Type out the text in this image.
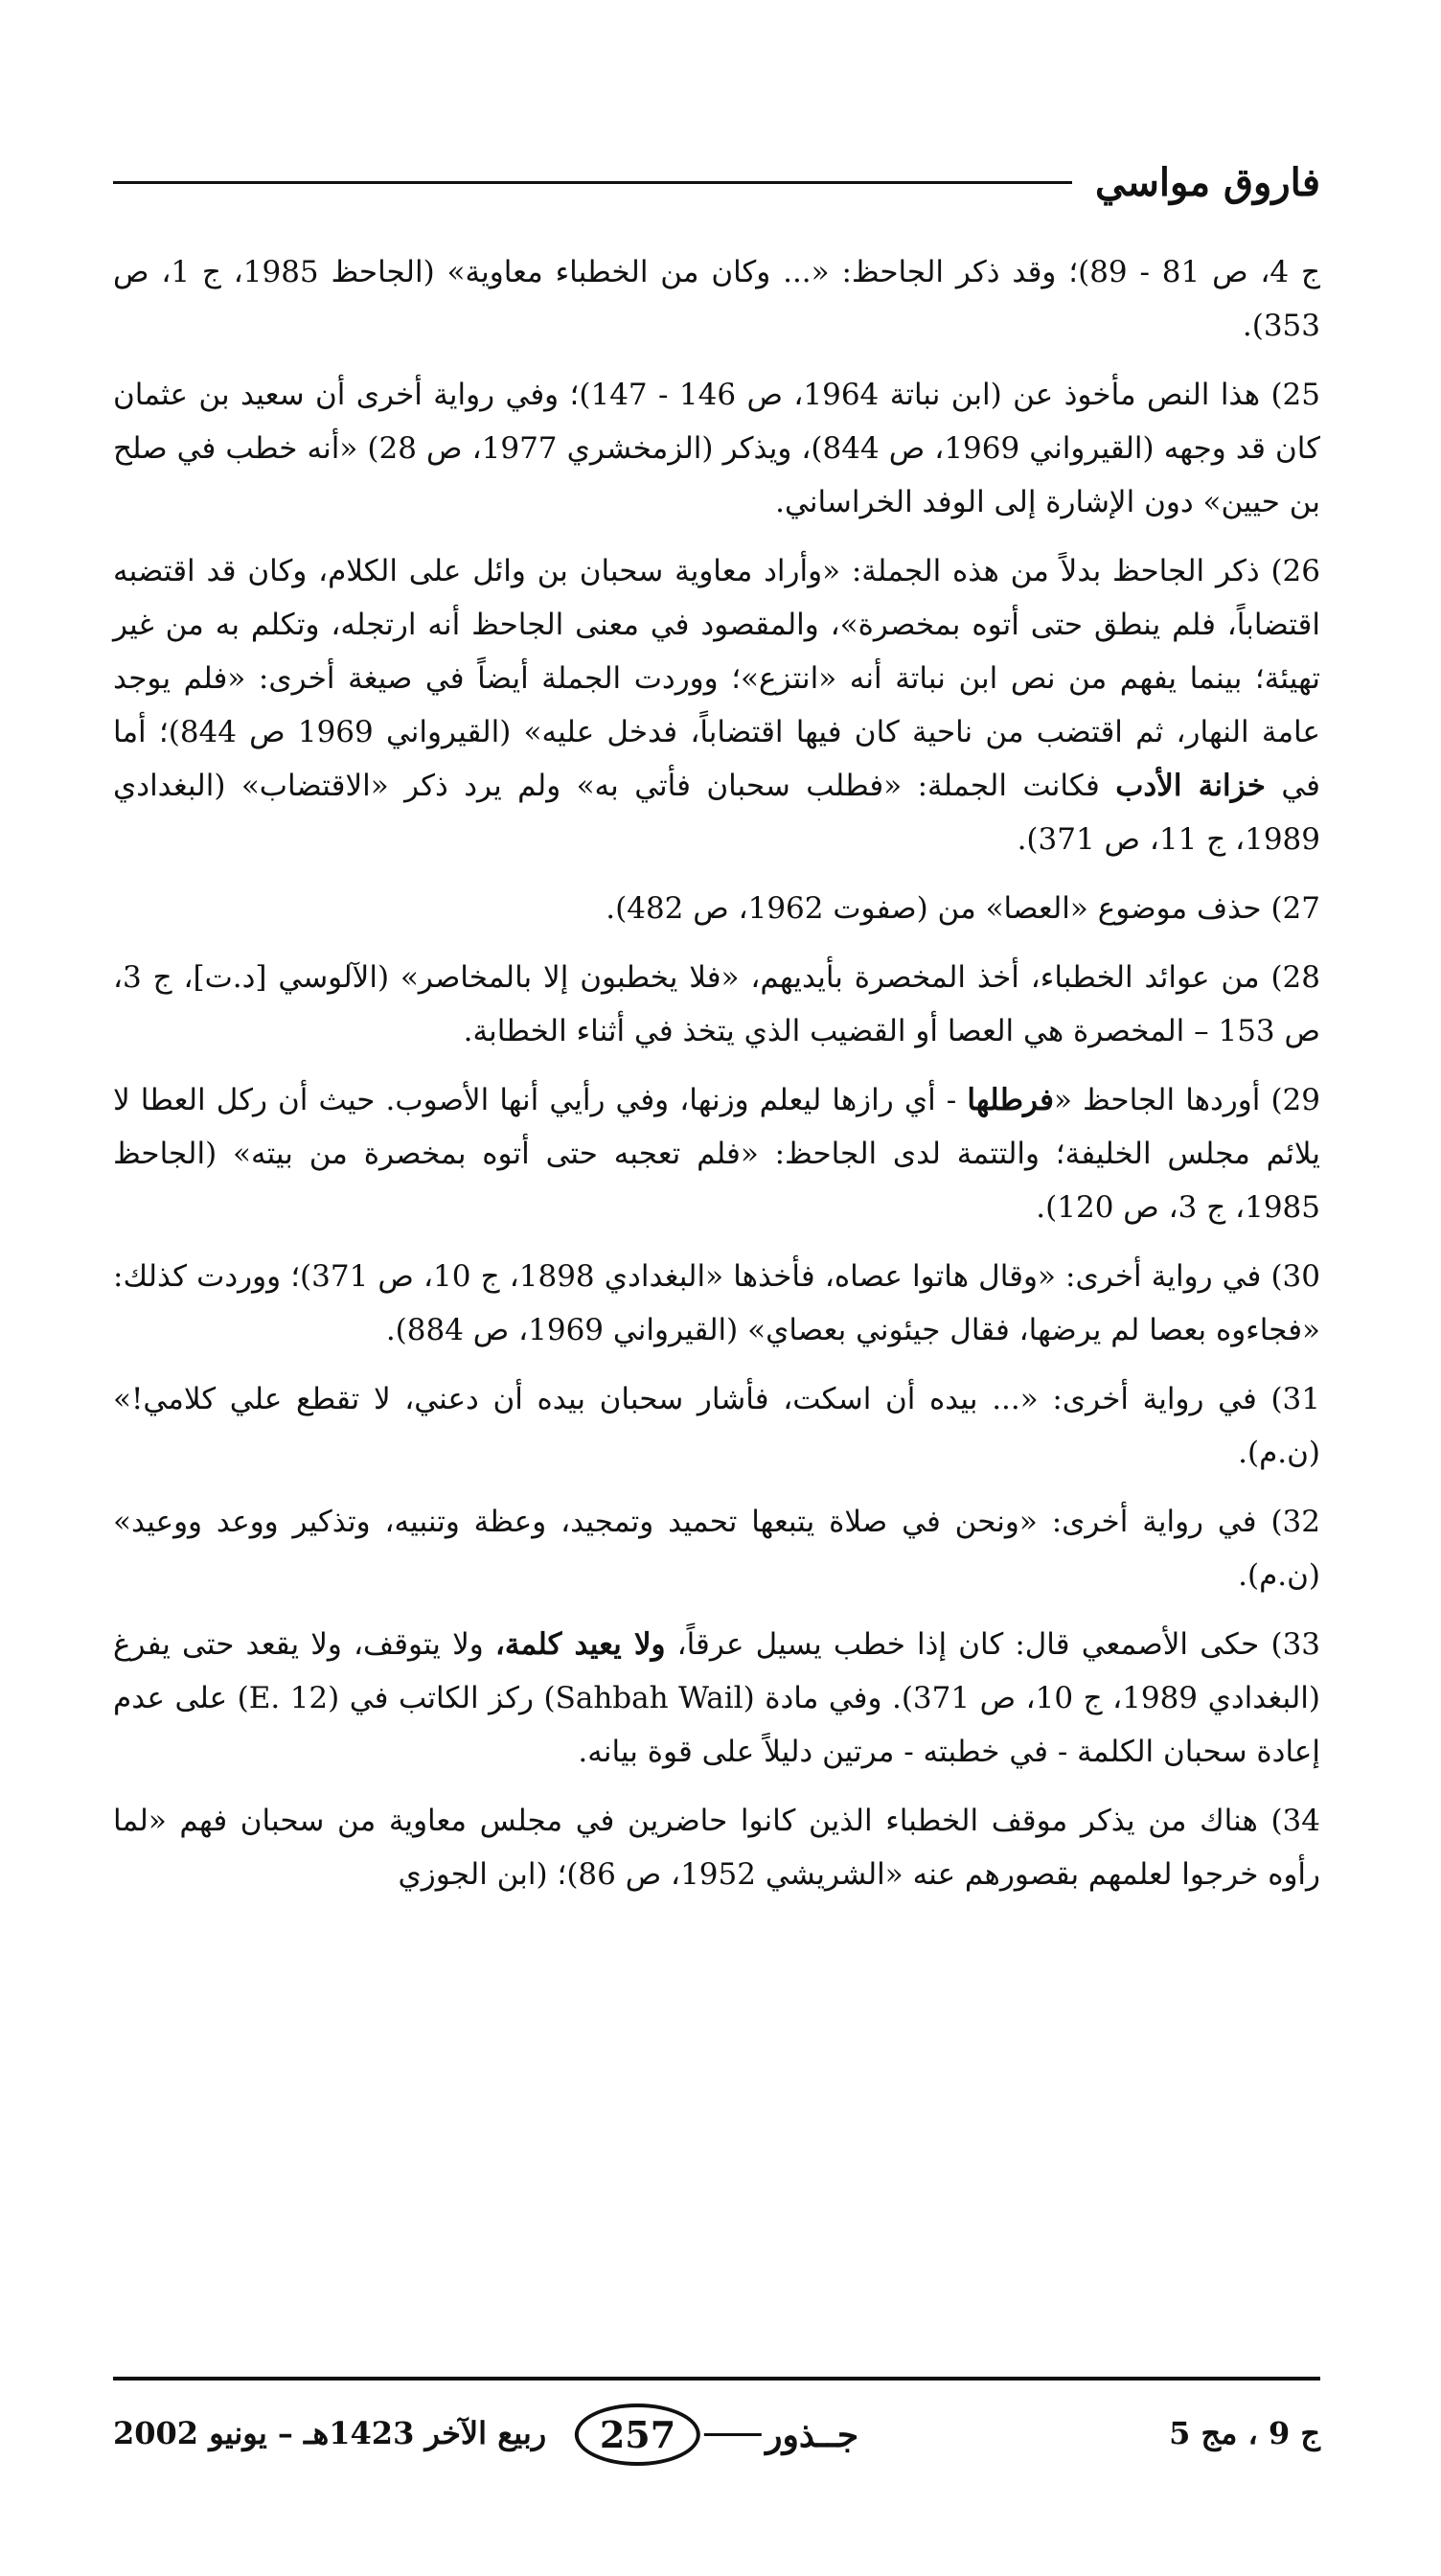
فاروق مواسي

ج 4، ص 81 - 89)؛ وقد ذكر الجاحظ: «... وكان من الخطباء معاوية» (الجاحظ 1985، ج 1، ص 353).

25) هذا النص مأخوذ عن (ابن نباتة 1964، ص 146 - 147)؛ وفي رواية أخرى أن سعيد بن عثمان كان قد وجهه (القيرواني 1969، ص 844)، ويذكر (الزمخشري 1977، ص 28) «أنه خطب في صلح بن حيين» دون الإشارة إلى الوفد الخراساني.

26) ذكر الجاحظ بدلاً من هذه الجملة: «وأراد معاوية سحبان بن وائل على الكلام، وكان قد اقتضبه اقتضاباً، فلم ينطق حتى أتوه بمخصرة»، والمقصود في معنى الجاحظ أنه ارتجله، وتكلم به من غير تهيئة؛ بينما يفهم من نص ابن نباتة أنه «انتزع»؛ ووردت الجملة أيضاً في صيغة أخرى: «فلم يوجد عامة النهار، ثم اقتضب من ناحية كان فيها اقتضاباً، فدخل عليه» (القيرواني 1969 ص 844)؛ أما في خزانة الأدب فكانت الجملة: «فطلب سحبان فأتي به» ولم يرد ذكر «الاقتضاب» (البغدادي 1989، ج 11، ص 371).

27) حذف موضوع «العصا» من (صفوت 1962، ص 482).

28) من عوائد الخطباء، أخذ المخصرة بأيديهم، «فلا يخطبون إلا بالمخاصر» (الآلوسي [د.ت]، ج 3، ص 153 – المخصرة هي العصا أو القضيب الذي يتخذ في أثناء الخطابة.

29) أوردها الجاحظ «فرطلها - أي رازها ليعلم وزنها، وفي رأيي أنها الأصوب. حيث أن ركل العطا لا يلائم مجلس الخليفة؛ والتتمة لدى الجاحظ: «فلم تعجبه حتى أتوه بمخصرة من بيته» (الجاحظ 1985، ج 3، ص 120).

30) في رواية أخرى: «وقال هاتوا عصاه، فأخذها «البغدادي 1898، ج 10، ص 371)؛ ووردت كذلك: «فجاءوه بعصا لم يرضها، فقال جيئوني بعصاي» (القيرواني 1969، ص 884).

31) في رواية أخرى: «... بيده أن اسكت، فأشار سحبان بيده أن دعني، لا تقطع علي كلامي!» (ن.م).

32) في رواية أخرى: «ونحن في صلاة يتبعها تحميد وتمجيد، وعظة وتنبيه، وتذكير ووعد ووعيد» (ن.م).

33) حكى الأصمعي قال: كان إذا خطب يسيل عرقاً، ولا يعيد كلمة، ولا يتوقف، ولا يقعد حتى يفرغ (البغدادي 1989، ج 10، ص 371). وفي مادة (Sahbah Wail) ركز الكاتب في (E. 12) على عدم إعادة سحبان الكلمة - في خطبته - مرتين دليلاً على قوة بيانه.

34) هناك من يذكر موقف الخطباء الذين كانوا حاضرين في مجلس معاوية من سحبان فهم «لما رأوه خرجوا لعلمهم بقصورهم عنه «الشريشي 1952، ص 86)؛ (ابن الجوزي

ج 9 ، مج 5
جــذور
257
ربيع الآخر 1423هـ – يونيو 2002
